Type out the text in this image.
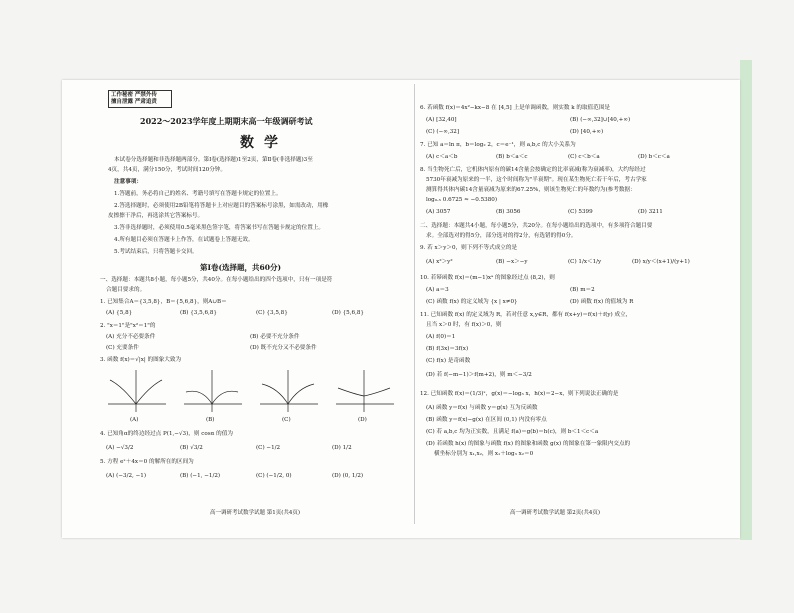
工作秘密 严禁外传
擅自泄露 严肃追责
2022～2023学年度上期期末高一年级调研考试
数学
本试卷分选择题和非选择题两部分。第Ⅰ卷(选择题)1至2页，第Ⅱ卷(非选择题)3至
4页，共4页，满分150分，考试时间120分钟。
注意事项：
1.答题前，务必将自己的姓名、考籍号填写在答题卡规定的位置上。
2.答选择题时，必须使用2B铅笔将答题卡上对应题目的答案标号涂黑，如需改动，用橡
皮擦擦干净后，再选涂其它答案标号。
3.答非选择题时，必须使用0.5毫米黑色签字笔，将答案书写在答题卡规定的位置上。
4.所有题目必须在答题卡上作答，在试题卷上答题无效。
5.考试结束后，只将答题卡交回。
第Ⅰ卷(选择题，共60分)
一、选择题：本题共8小题，每小题5分，共40分。在每小题给出的四个选项中，只有一项是符
合题目要求的。
1. 已知集合A＝{3,5,8}，B＝{5,6,8}，则A∪B＝
(A) {5,8}	(B) {3,5,6,8}	(C) {3,5,8}	(D) {5,6,8}
2. "x＝1"是"x²＝1"的
(A) 充分不必要条件	(B) 必要不充分条件
(C) 充要条件	(D) 既不充分又不必要条件
3. 函数 f(x)＝√|x| 的图象大致为
(A)	(B)	(C)	(D)
4. 已知角α的终边经过点 P(1,−√3)，则 cosα 的值为
(A) −√3/2	(B) √3/2	(C) −1/2	(D) 1/2
5. 方程 eˣ＋4x＝0 的解所在的区间为
(A) (−3/2, −1)	(B) (−1, −1/2)	(C) (−1/2, 0)	(D) (0, 1/2)
高一调研考试数学试题 第1页(共4页)
6. 若函数 f(x)＝4x²−kx−8 在 [4,5] 上是单调函数，则实数 k 的取值范围是
(A) [32,40]	(B) (−∞,32]∪[40,+∞)
(C) (−∞,32]	(D) [40,+∞)
7. 已知 a＝ln π，b＝log₂ 2，c＝e⁻¹，则 a,b,c 的大小关系为
(A) c＜a＜b	(B) b＜a＜c	(C) c＜b＜a	(D) b＜c＜a
8. 当生物死亡后，它机体内原有的碳14含量会按确定的比率衰减(称为衰减率)，大约每经过
5730年衰减为原来的一半，这个时间称为"半衰期"。现在某生物死亡若干年后，考古学家
测算得其体内碳14含量衰减为原来的67.25%，则该生物死亡的年数约为(参考数据：
log₀.₅ 0.6725 ≈ −0.5380)
(A) 3057	(B) 3056	(C) 5399	(D) 3211
二、选择题：本题共4小题，每小题5分，共20分。在每小题给出的选项中，有多项符合题目要
求。全部选对的得5分，部分选对的得2分，有选错的得0分。
9. 若 x＞y＞0，则下列不等式成立的是
(A) x²＞y²	(B) −x＞−y	(C) 1/x＜1/y	(D) x/y＜(x+1)/(y+1)
10. 若幂函数 f(x)＝(m−1)xᵃ 的图象经过点 (8,2)，则
(A) a＝3	(B) m＝2
(C) 函数 f(x) 的定义域为 {x | x≠0}	(D) 函数 f(x) 的值域为 R
11. 已知函数 f(x) 的定义域为 R，若对任意 x,y∈R，都有 f(x+y)＝f(x)＋f(y) 成立，
且当 x＞0 时，有 f(x)＞0，则
(A) f(0)＝1
(B) f(3x)＝3f(x)
(C) f(x) 是奇函数
(D) 若 f(−m−1)＞f(m+2)，则 m＜−3/2
12. 已知函数 f(x)＝(1/3)ˣ，g(x)＝−log₃ x，h(x)＝2−x，则下列说法正确的是
(A) 函数 y＝f(x) 与函数 y＝g(x) 互为反函数
(B) 函数 y＝f(x)−g(x) 在区间 (0,1) 内没有零点
(C) 若 a,b,c 均为正实数，且满足 f(a)＝g(b)＝h(c)，则 b＜1＜c＜a
(D) 若函数 h(x) 的图象与函数 f(x) 的图象和函数 g(x) 的图象在第一象限内交点的
横坐标分别为 x₁,x₂，则 x₁＋log₃ x₂＝0
高一调研考试数学试题 第2页(共4页)
